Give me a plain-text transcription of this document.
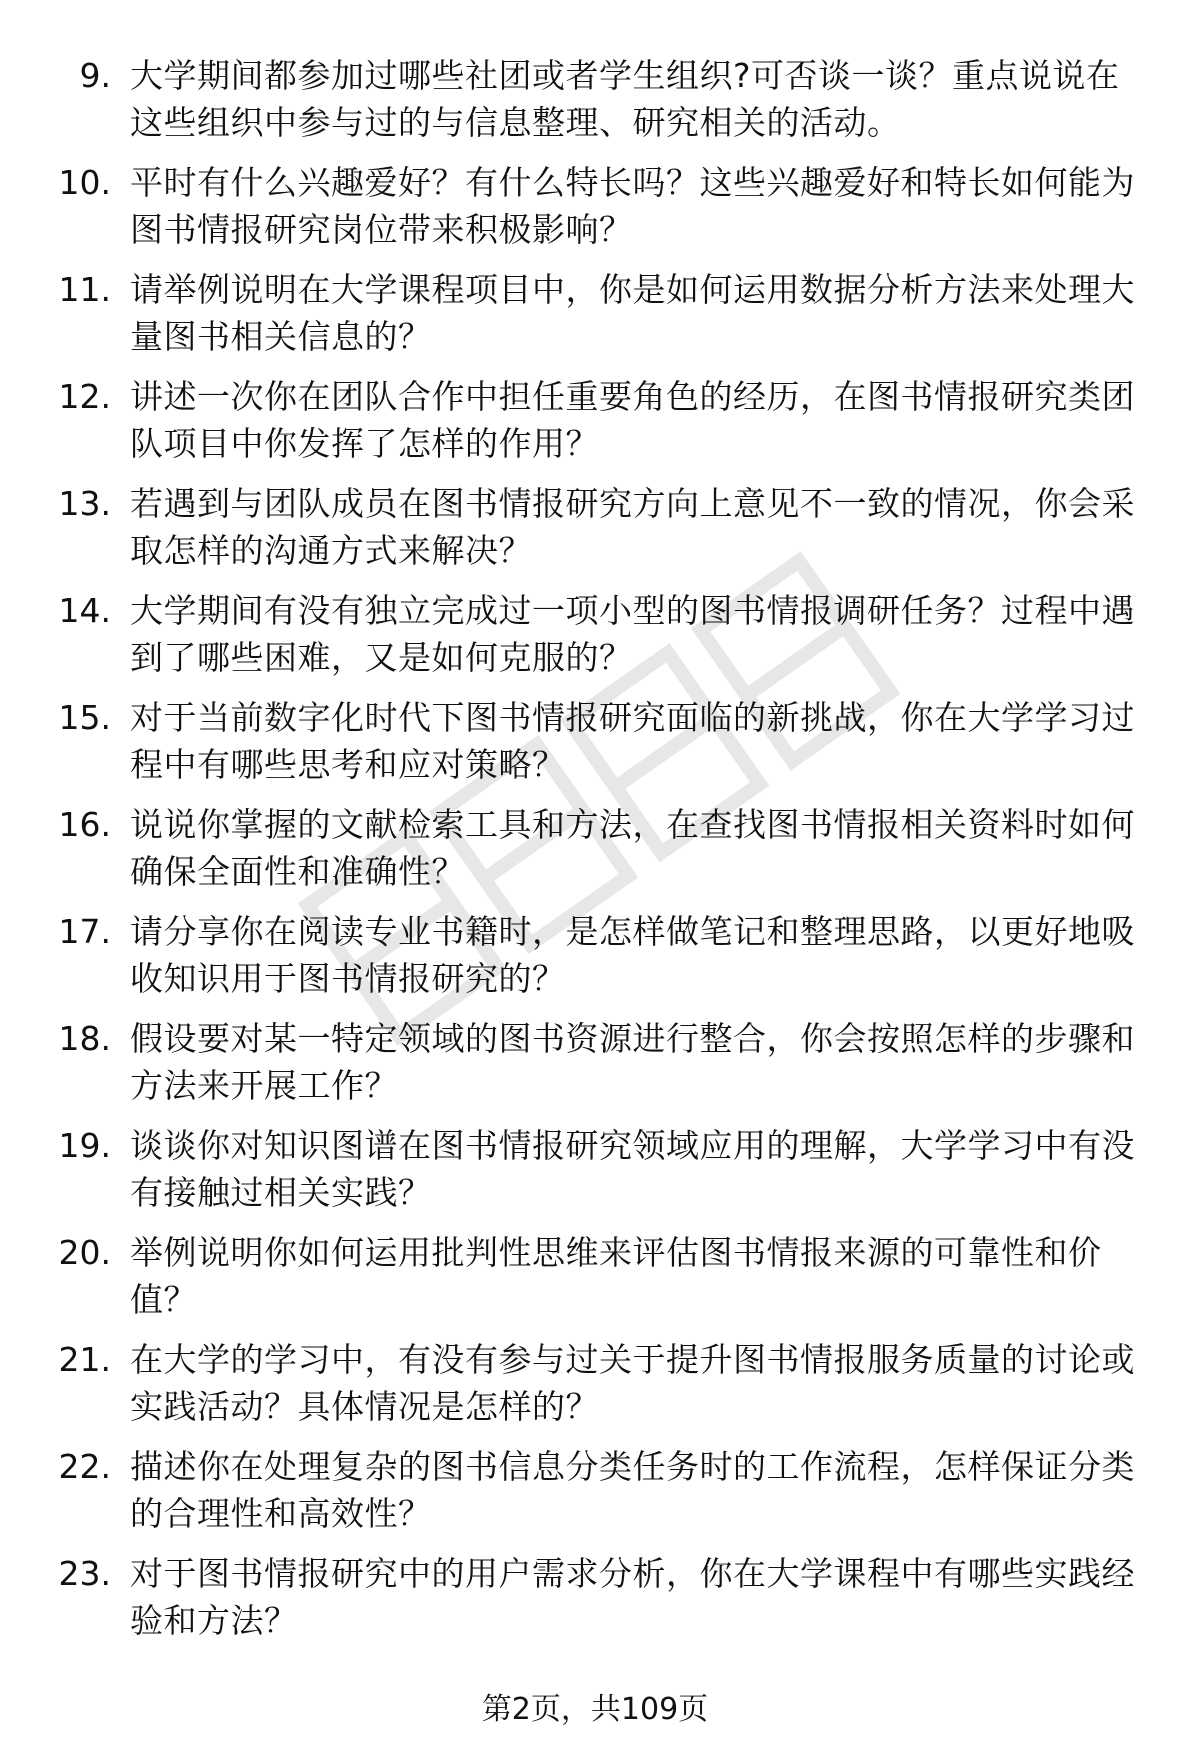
9. 大学期间都参加过哪些社团或者学生组织?可否谈一谈？重点说说在这些组织中参与过的与信息整理、研究相关的活动。
10. 平时有什么兴趣爱好？有什么特长吗？这些兴趣爱好和特长如何能为图书情报研究岗位带来积极影响？
11. 请举例说明在大学课程项目中，你是如何运用数据分析方法来处理大量图书相关信息的？
12. 讲述一次你在团队合作中担任重要角色的经历，在图书情报研究类团队项目中你发挥了怎样的作用？
13. 若遇到与团队成员在图书情报研究方向上意见不一致的情况，你会采取怎样的沟通方式来解决？
14. 大学期间有没有独立完成过一项小型的图书情报调研任务？过程中遇到了哪些困难，又是如何克服的？
15. 对于当前数字化时代下图书情报研究面临的新挑战，你在大学学习过程中有哪些思考和应对策略？
16. 说说你掌握的文献检索工具和方法，在查找图书情报相关资料时如何确保全面性和准确性？
17. 请分享你在阅读专业书籍时，是怎样做笔记和整理思路，以更好地吸收知识用于图书情报研究的？
18. 假设要对某一特定领域的图书资源进行整合，你会按照怎样的步骤和方法来开展工作？
19. 谈谈你对知识图谱在图书情报研究领域应用的理解，大学学习中有没有接触过相关实践？
20. 举例说明你如何运用批判性思维来评估图书情报来源的可靠性和价值？
21. 在大学的学习中，有没有参与过关于提升图书情报服务质量的讨论或实践活动？具体情况是怎样的？
22. 描述你在处理复杂的图书信息分类任务时的工作流程，怎样保证分类的合理性和高效性？
23. 对于图书情报研究中的用户需求分析，你在大学课程中有哪些实践经验和方法？
第2页，共109页
